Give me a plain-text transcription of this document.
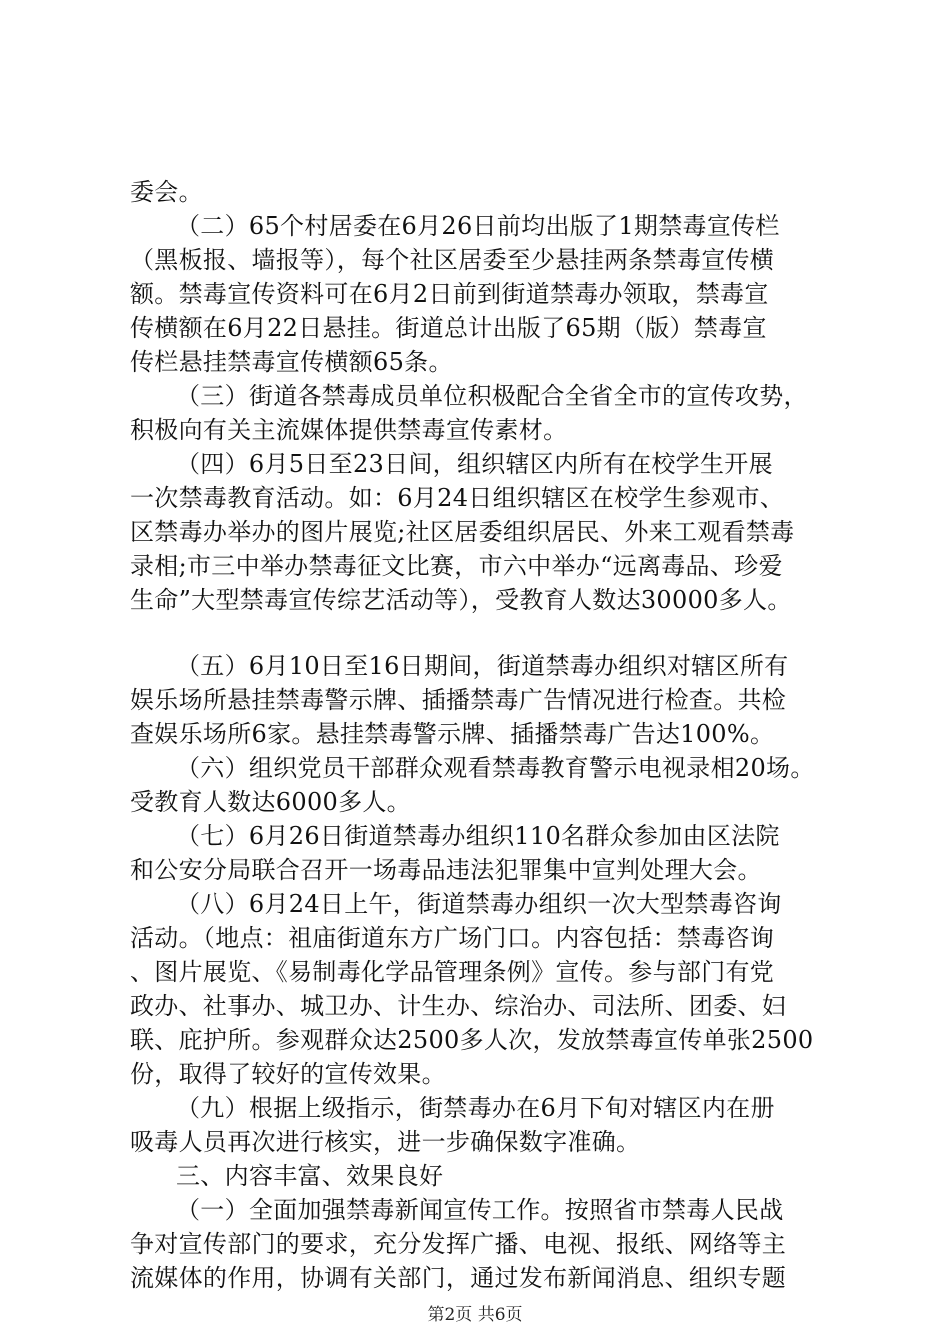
委会。
（二）65个村居委在6月26日前均出版了1期禁毒宣传栏
（黑板报、墙报等），每个社区居委至少悬挂两条禁毒宣传横
额。禁毒宣传资料可在6月2日前到街道禁毒办领取，禁毒宣
传横额在6月22日悬挂。街道总计出版了65期（版）禁毒宣
传栏悬挂禁毒宣传横额65条。
（三）街道各禁毒成员单位积极配合全省全市的宣传攻势，
积极向有关主流媒体提供禁毒宣传素材。
（四）6月5日至23日间，组织辖区内所有在校学生开展
一次禁毒教育活动。如：6月24日组织辖区在校学生参观市、
区禁毒办举办的图片展览;社区居委组织居民、外来工观看禁毒
录相;市三中举办禁毒征文比赛，市六中举办“远离毒品、珍爱
生命”大型禁毒宣传综艺活动等），受教育人数达30000多人。
（五）6月10日至16日期间，街道禁毒办组织对辖区所有
娱乐场所悬挂禁毒警示牌、插播禁毒广告情况进行检查。共检
查娱乐场所6家。悬挂禁毒警示牌、插播禁毒广告达100%。
（六）组织党员干部群众观看禁毒教育警示电视录相20场。
受教育人数达6000多人。
（七）6月26日街道禁毒办组织110名群众参加由区法院
和公安分局联合召开一场毒品违法犯罪集中宣判处理大会。
（八）6月24日上午，街道禁毒办组织一次大型禁毒咨询
活动。（地点：祖庙街道东方广场门口。内容包括：禁毒咨询
、图片展览、《易制毒化学品管理条例》宣传。参与部门有党
政办、社事办、城卫办、计生办、综治办、司法所、团委、妇
联、庇护所。参观群众达2500多人次，发放禁毒宣传单张2500
份，取得了较好的宣传效果。
（九）根据上级指示，街禁毒办在6月下旬对辖区内在册
吸毒人员再次进行核实，进一步确保数字准确。
三、内容丰富、效果良好
（一）全面加强禁毒新闻宣传工作。按照省市禁毒人民战
争对宣传部门的要求，充分发挥广播、电视、报纸、网络等主
流媒体的作用，协调有关部门，通过发布新闻消息、组织专题
第2页 共6页
